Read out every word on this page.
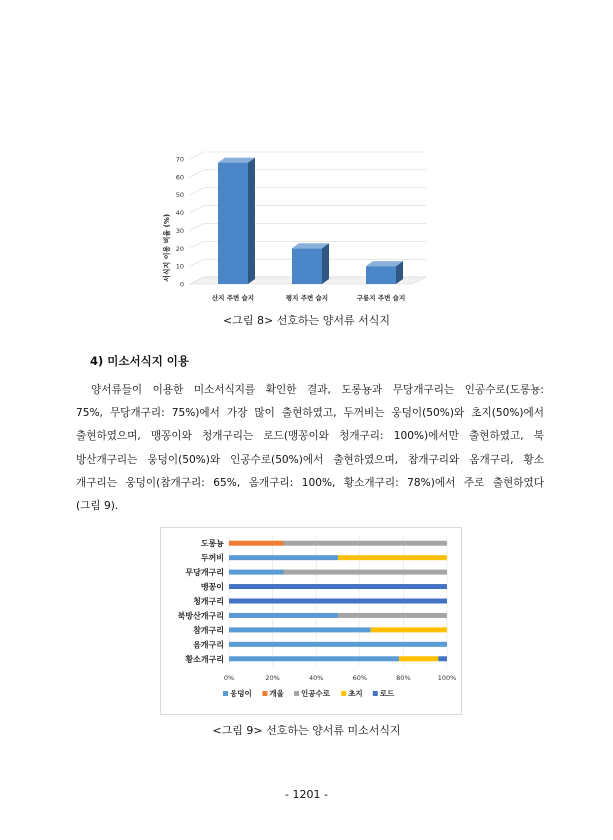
0
10
20
30
40
50
60
70
산지 주변 습지	평지 주변 습지	구릉지 주변 습지
서식지 이용 비율 (%)
<그림 8> 선호하는 양서류 서식지
4) 미소서식지 이용
양서류들이 이용한 미소서식지를 확인한 결과, 도롱뇽과 무당개구리는 인공수로(도롱뇽:
75%, 무당개구리: 75%)에서 가장 많이 출현하였고, 두꺼비는 웅덩이(50%)와 초지(50%)에서
출현하였으며, 맹꽁이와 청개구리는 로드(맹꽁이와 청개구리: 100%)에서만 출현하였고, 북
방산개구리는 웅덩이(50%)와 인공수로(50%)에서 출현하였으며, 참개구리와 옴개구리, 황소
개구리는 웅덩이(참개구리: 65%, 옴개구리: 100%, 황소개구리: 78%)에서 주로 출현하였다
(그림 9).
도롱뇽
두꺼비
무당개구리
맹꽁이
청개구리
북방산개구리
참개구리
옴개구리
황소개구리
0%	20%	40%	60%	80%	100%
웅덩이 개울 인공수로 초지 로드
<그림 9> 선호하는 양서류 미소서식지
- 1201 -
